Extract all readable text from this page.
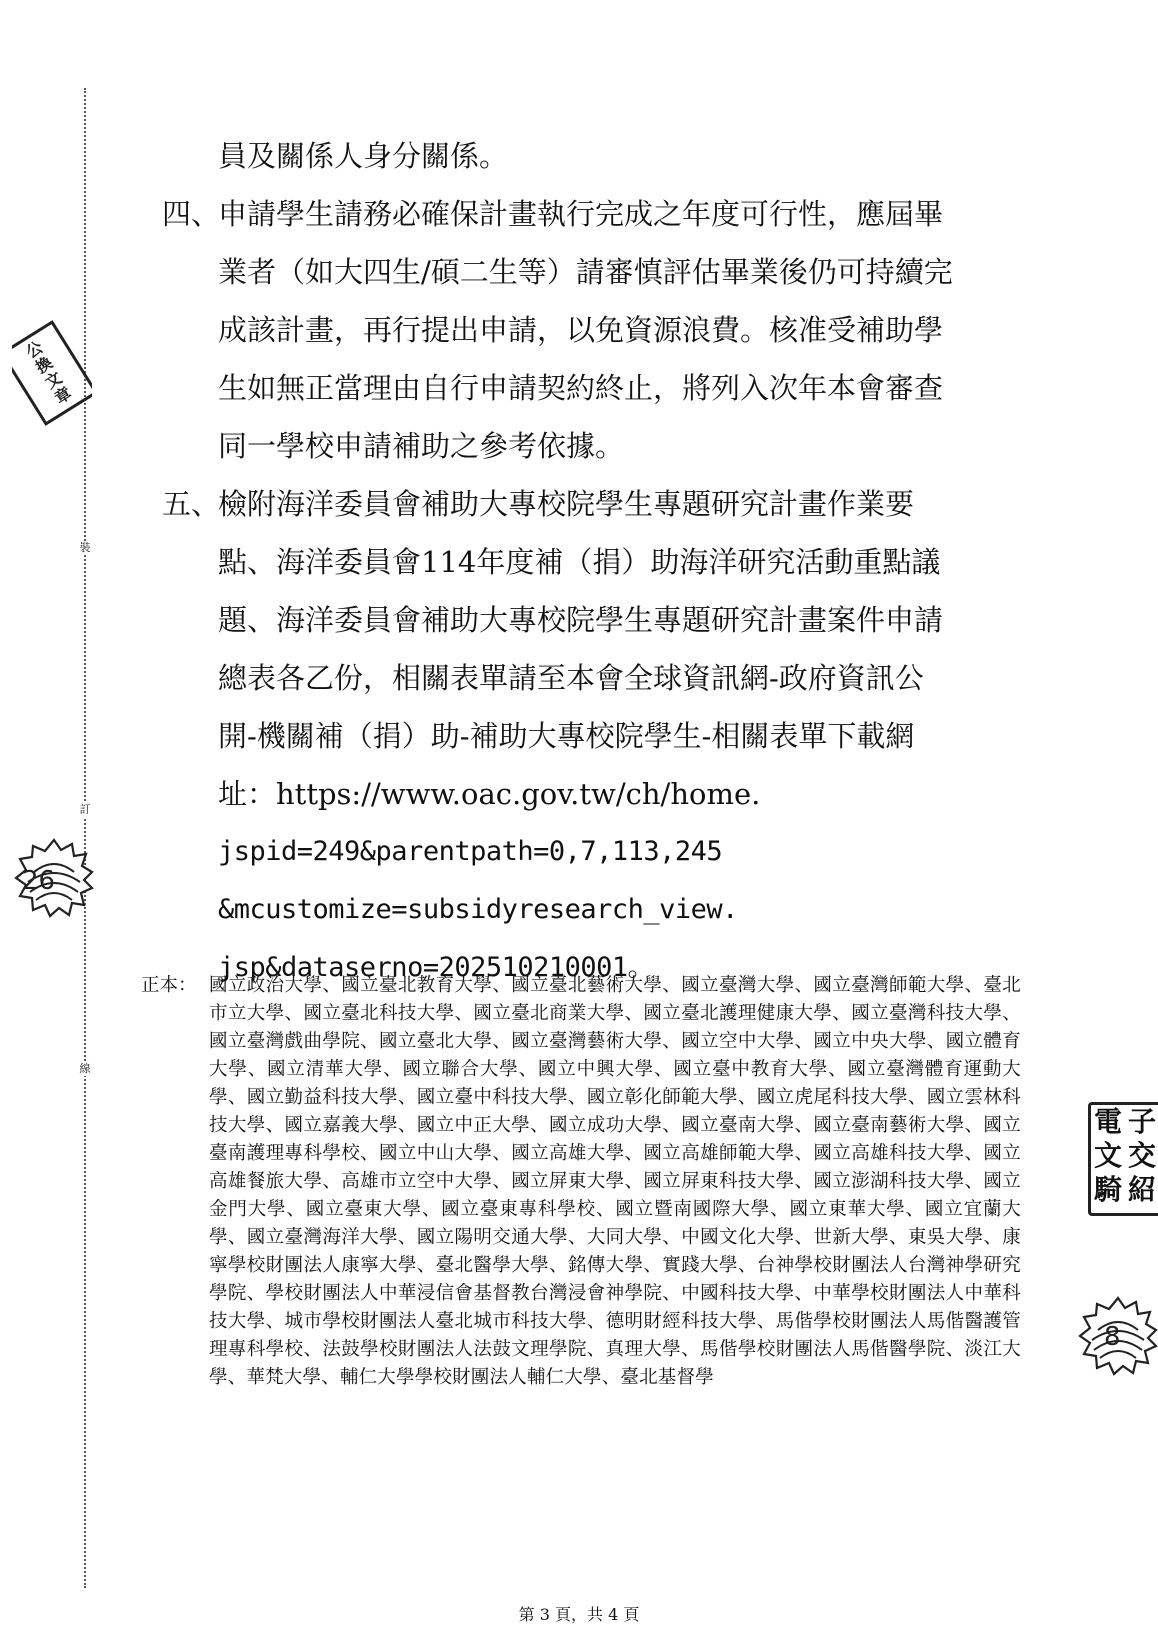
裝
訂
線
公
換
文
章
26
電 子
文 交
騎 紹
8
員及關係人身分關係。
四、申請學生請務必確保計畫執行完成之年度可行性，應屆畢
業者（如大四生/碩二生等）請審慎評估畢業後仍可持續完
成該計畫，再行提出申請，以免資源浪費。核准受補助學
生如無正當理由自行申請契約終止，將列入次年本會審查
同一學校申請補助之參考依據。
五、檢附海洋委員會補助大專校院學生專題研究計畫作業要
點、海洋委員會114年度補（捐）助海洋研究活動重點議
題、海洋委員會補助大專校院學生專題研究計畫案件申請
總表各乙份，相關表單請至本會全球資訊網-政府資訊公
開-機關補（捐）助-補助大專校院學生-相關表單下載網
址：https://www.oac.gov.tw/ch/home.
jspid=249&parentpath=0,7,113,245
&mcustomize=subsidyresearch_view.
jsp&dataserno=202510210001。
正本： 國立政治大學、國立臺北教育大學、國立臺北藝術大學、國立臺灣大學、國立臺灣師範大學、臺北市立大學、國立臺北科技大學、國立臺北商業大學、國立臺北護理健康大學、國立臺灣科技大學、國立臺灣戲曲學院、國立臺北大學、國立臺灣藝術大學、國立空中大學、國立中央大學、國立體育大學、國立清華大學、國立聯合大學、國立中興大學、國立臺中教育大學、國立臺灣體育運動大學、國立勤益科技大學、國立臺中科技大學、國立彰化師範大學、國立虎尾科技大學、國立雲林科技大學、國立嘉義大學、國立中正大學、國立成功大學、國立臺南大學、國立臺南藝術大學、國立臺南護理專科學校、國立中山大學、國立高雄大學、國立高雄師範大學、國立高雄科技大學、國立高雄餐旅大學、高雄市立空中大學、國立屏東大學、國立屏東科技大學、國立澎湖科技大學、國立金門大學、國立臺東大學、國立臺東專科學校、國立暨南國際大學、國立東華大學、國立宜蘭大學、國立臺灣海洋大學、國立陽明交通大學、大同大學、中國文化大學、世新大學、東吳大學、康寧學校財團法人康寧大學、臺北醫學大學、銘傳大學、實踐大學、台神學校財團法人台灣神學研究學院、學校財團法人中華浸信會基督教台灣浸會神學院、中國科技大學、中華學校財團法人中華科技大學、城市學校財團法人臺北城市科技大學、德明財經科技大學、馬偕學校財團法人馬偕醫護管理專科學校、法鼓學校財團法人法鼓文理學院、真理大學、馬偕學校財團法人馬偕醫學院、淡江大學、華梵大學、輔仁大學學校財團法人輔仁大學、臺北基督學
第 3 頁，共 4 頁
